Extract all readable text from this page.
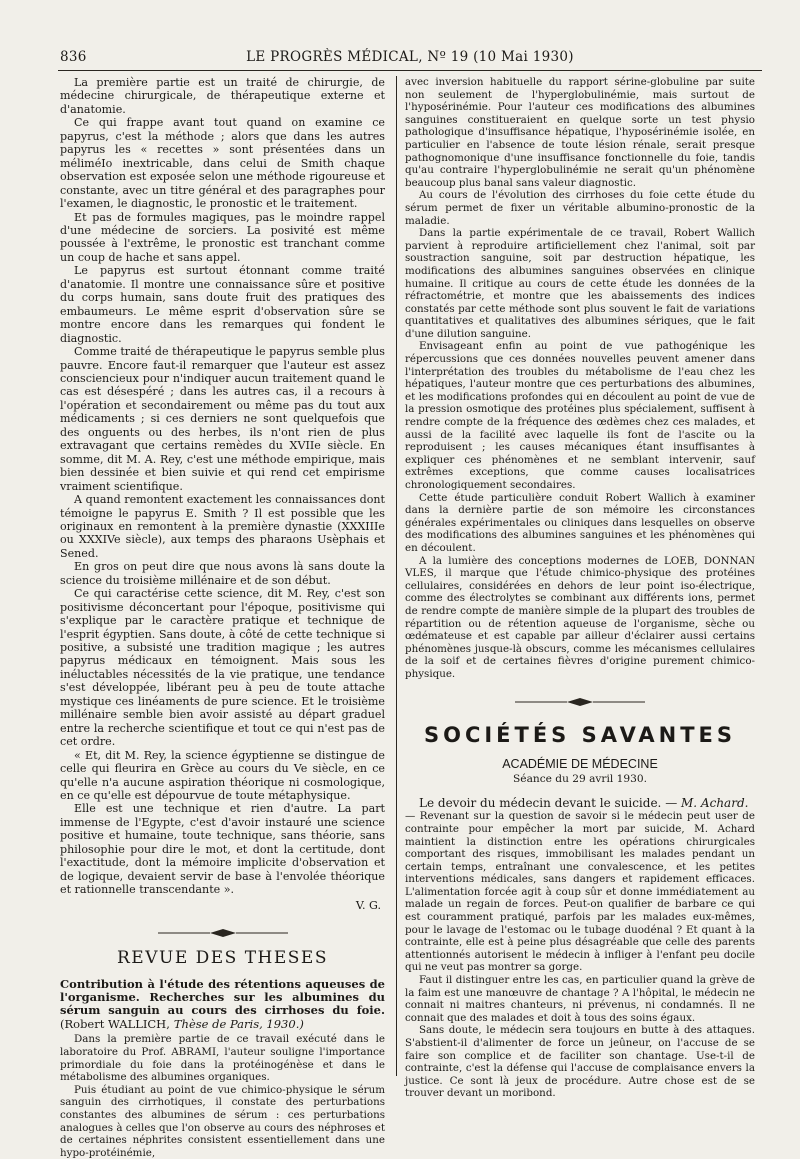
836	LE PROGRÈS MÉDICAL, Nº 19 (10 Mai 1930)

La première partie est un traité de chirurgie, de médecine chirurgicale, de thérapeutique externe et d'anatomie.

Ce qui frappe avant tout quand on examine ce papyrus, c'est la méthode ; alors que dans les autres papyrus les « recettes » sont présentées dans un méliméIo inextricable, dans celui de Smith chaque observation est exposée selon une méthode rigoureuse et constante, avec un titre général et des paragraphes pour l'examen, le diagnostic, le pronostic et le traitement.

Et pas de formules magiques, pas le moindre rappel d'une médecine de sorciers. La posivité est même poussée à l'extrême, le pronostic est tranchant comme un coup de hache et sans appel.

Le papyrus est surtout étonnant comme traité d'anatomie. Il montre une connaissance sûre et positive du corps humain, sans doute fruit des pratiques des embaumeurs. Le même esprit d'observation sûre se montre encore dans les remarques qui fondent le diagnostic.

Comme traité de thérapeutique le papyrus semble plus pauvre. Encore faut-il remarquer que l'auteur est assez consciencieux pour n'indiquer aucun traitement quand le cas est désespéré ; dans les autres cas, il a recours à l'opération et secondairement ou même pas du tout aux médicaments ; si ces derniers ne sont quelquefois que des onguents ou des herbes, ils n'ont rien de plus extravagant que certains remèdes du XVIIe siècle. En somme, dit M. A. Rey, c'est une méthode empirique, mais bien dessinée et bien suivie et qui rend cet empirisme vraiment scientifique.

A quand remontent exactement les connaissances dont témoigne le papyrus E. Smith ? Il est possible que les originaux en remontent à la première dynastie (XXXIIIe ou XXXIVe siècle), aux temps des pharaons Usèphais et Sened.

En gros on peut dire que nous avons là sans doute la science du troisième millénaire et de son début.

Ce qui caractérise cette science, dit M. Rey, c'est son positivisme déconcertant pour l'époque, positivisme qui s'explique par le caractère pratique et technique de l'esprit égyptien. Sans doute, à côté de cette technique si positive, a subsisté une tradition magique ; les autres papyrus médicaux en témoignent. Mais sous les inéluctables nécessités de la vie pratique, une tendance s'est développée, libérant peu à peu de toute attache mystique ces linéaments de pure science. Et le troisième millénaire semble bien avoir assisté au départ graduel entre la recherche scientifique et tout ce qui n'est pas de cet ordre.

« Et, dit M. Rey, la science égyptienne se distingue de celle qui fleurira en Grèce au cours du Ve siècle, en ce qu'elle n'a aucune aspiration théorique ni cosmologique, en ce qu'elle est dépourvue de toute métaphysique.

Elle est une technique et rien d'autre. La part immense de l'Egypte, c'est d'avoir instauré une science positive et humaine, toute technique, sans théorie, sans philosophie pour dire le mot, et dont la certitude, dont l'exactitude, dont la mémoire implicite d'observation et de logique, devaient servir de base à l'envolée théorique et rationnelle transcendante ».

V. G.
REVUE DES THESES

Contribution à l'étude des rétentions aqueuses de l'organisme. Recherches sur les albumines du sérum sanguin au cours des cirrhoses du foie. (Robert WALLICH, Thèse de Paris, 1930.)

Dans la première partie de ce travail exécuté dans le laboratoire du Prof. ABRAMI, l'auteur souligne l'importance primordiale du foie dans la protéinogénèse et dans le métabolisme des albumines organiques.

Puis étudiant au point de vue chimico-physique le sérum sanguin des cirrhotiques, il constate des perturbations constantes des albumines de sérum : ces perturbations analogues à celles que l'on observe au cours des néphroses et de certaines néphrites consistent essentiellement dans une hypo-protéinémie,

avec inversion habituelle du rapport sérine-globuline par suite non seulement de l'hyperglobulinémie, mais surtout de l'hyposérinémie. Pour l'auteur ces modifications des albumines sanguines constitueraient en quelque sorte un test physio pathologique d'insuffisance hépatique, l'hyposérinémie isolée, en particulier en l'absence de toute lésion rénale, serait presque pathognomonique d'une insuffisance fonctionnelle du foie, tandis qu'au contraire l'hyperglobulinémie ne serait qu'un phénomène beaucoup plus banal sans valeur diagnostic.

Au cours de l'évolution des cirrhoses du foie cette étude du sérum permet de fixer un véritable albumino-pronostic de la maladie.

Dans la partie expérimentale de ce travail, Robert Wallich parvient à reproduire artificiellement chez l'animal, soit par soustraction sanguine, soit par destruction hépatique, les modifications des albumines sanguines observées en clinique humaine. Il critique au cours de cette étude les données de la réfractométrie, et montre que les abaissements des indices constatés par cette méthode sont plus souvent le fait de variations quantitatives et qualitatives des albumines sériques, que le fait d'une dilution sanguine.

Envisageant enfin au point de vue pathogénique les répercussions que ces données nouvelles peuvent amener dans l'interprétation des troubles du métabolisme de l'eau chez les hépatiques, l'auteur montre que ces perturbations des albumines, et les modifications profondes qui en découlent au point de vue de la pression osmotique des protéines plus spécialement, suffisent à rendre compte de la fréquence des œdèmes chez ces malades, et aussi de la facilité avec laquelle ils font de l'ascite ou la reproduisent ; les causes mécaniques étant insuffisantes à expliquer ces phénomènes et ne semblant intervenir, sauf extrêmes exceptions, que comme causes localisatrices chronologiquement secondaires.

Cette étude particulière conduit Robert Wallich à examiner dans la dernière partie de son mémoire les circonstances générales expérimentales ou cliniques dans lesquelles on observe des modifications des albumines sanguines et les phénomènes qui en découlent.

A la lumière des conceptions modernes de LOEB, DONNAN VLES, il marque que l'étude chimico-physique des protéines cellulaires, considérées en dehors de leur point iso-électrique, comme des électrolytes se combinant aux différents ions, permet de rendre compte de manière simple de la plupart des troubles de répartition ou de rétention aqueuse de l'organisme, sèche ou œdémateuse et est capable par ailleur d'éclairer aussi certains phénomènes jusque-là obscurs, comme les mécanismes cellulaires de la soif et de certaines fièvres d'origine purement chimico-physique.

SOCIÉTÉS SAVANTES
ACADÉMIE DE MÉDECINE
Séance du 29 avril 1930.

Le devoir du médecin devant le suicide. — M. Achard.

— Revenant sur la question de savoir si le médecin peut user de contrainte pour empêcher la mort par suicide, M. Achard maintient la distinction entre les opérations chirurgicales comportant des risques, immobilisant les malades pendant un certain temps, entraînant une convalescence, et les petites interventions médicales, sans dangers et rapidement efficaces. L'alimentation forcée agit à coup sûr et donne immédiatement au malade un regain de forces. Peut-on qualifier de barbare ce qui est couramment pratiqué, parfois par les malades eux-mêmes, pour le lavage de l'estomac ou le tubage duodénal ? Et quant à la contrainte, elle est à peine plus désagréable que celle des parents attentionnés autorisent le médecin à infliger à l'enfant peu docile qui ne veut pas montrer sa gorge.

Faut il distinguer entre les cas, en particulier quand la grève de la faim est une manœuvre de chantage ? A l'hôpital, le médecin ne connait ni maitres chanteurs, ni prévenus, ni condamnés. Il ne connait que des malades et doit à tous des soins égaux.

Sans doute, le médecin sera toujours en butte à des attaques. S'abstient-il d'alimenter de force un jeûneur, on l'accuse de se faire son complice et de faciliter son chantage. Use-t-il de contrainte, c'est la défense qui l'accuse de complaisance envers la justice. Ce sont là jeux de procédure. Autre chose est de se trouver devant un moribond.
